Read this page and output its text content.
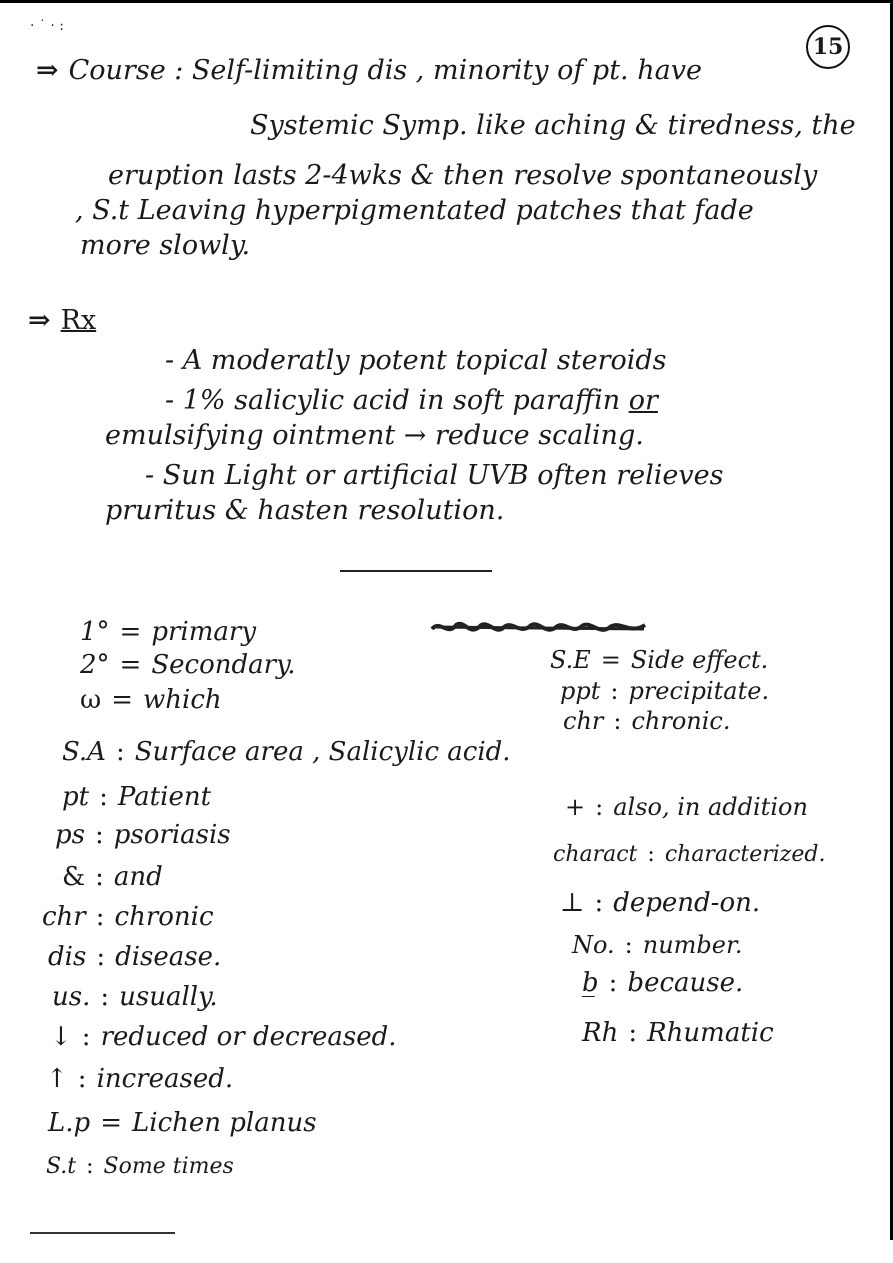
· ˙ · :
15
⇒ Course : Self-limiting dis , minority of pt. have
Systemic Symp. like aching & tiredness, the
eruption lasts 2-4wks & then resolve spontaneously
, S.t Leaving hyperpigmentated patches that fade
more slowly.
⇒ Rx
- A moderatly potent topical steroids
- 1% salicylic acid in soft paraffin or
emulsifying ointment → reduce scaling.
- Sun Light or artificial UVB often relieves
pruritus & hasten resolution.
1° = primary
2° = Secondary.
ω = which
S.A : Surface area , Salicylic acid.
pt : Patient
ps : psoriasis
& : and
chr : chronic
dis : disease.
us. : usually.
↓ : reduced or decreased.
↑ : increased.
L.p = Lichen planus
S.t : Some times
S.E = Side effect.
ppt : precipitate.
chr : chronic.
+ : also, in addition
charact : characterized.
⊥ : depend-on.
No. : number.
b̲ : because.
Rh : Rhumatic
